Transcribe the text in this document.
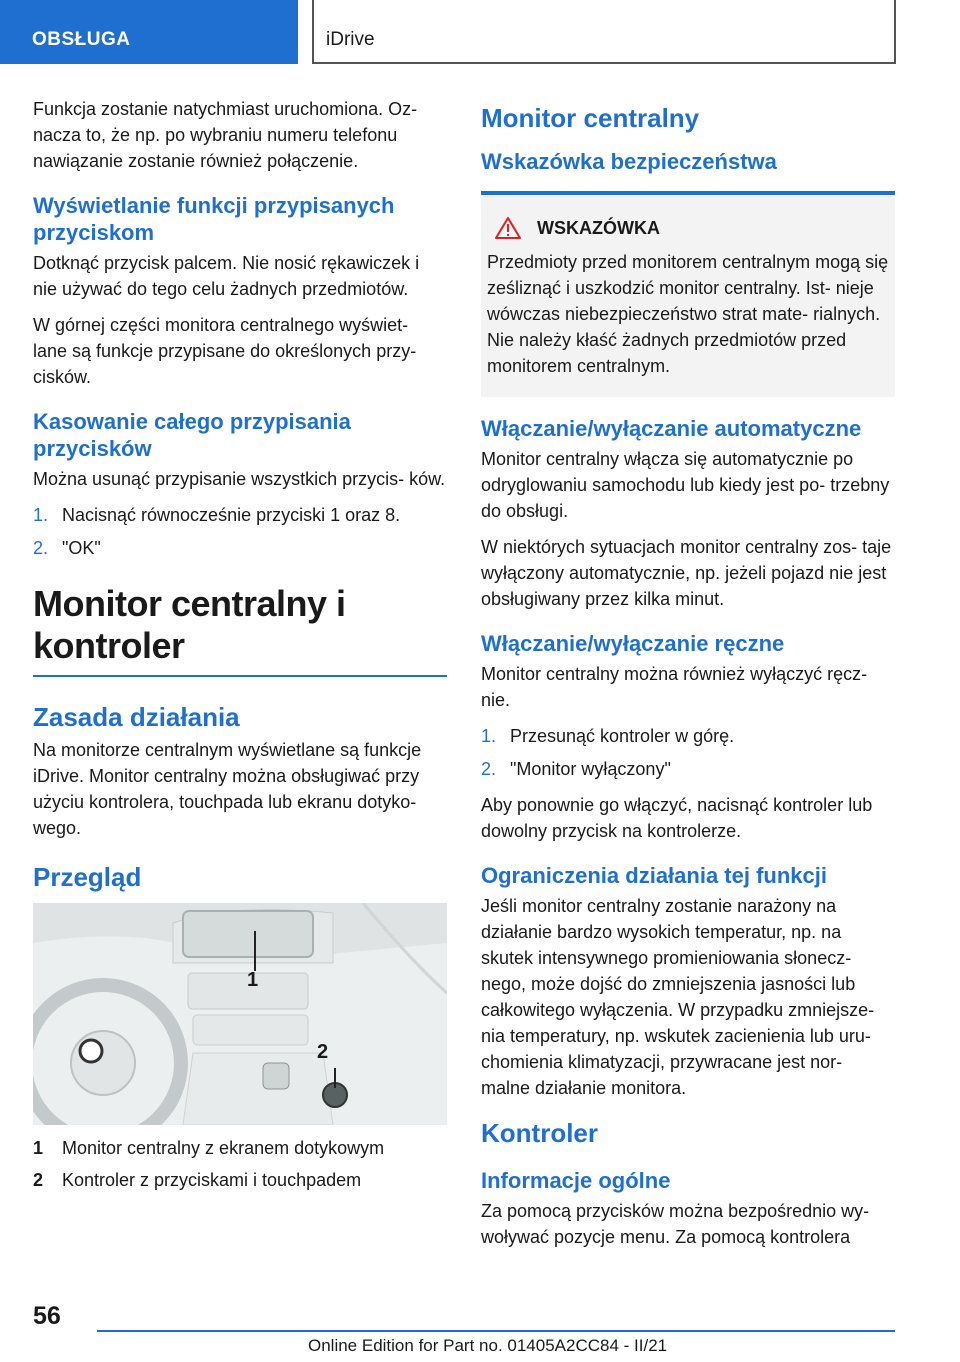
OBSŁUGA	iDrive

Funkcja zostanie natychmiast uruchomiona. Oz‐ nacza to, że np. po wybraniu numeru telefonu nawiązanie zostanie również połączenie.

Wyświetlanie funkcji przypisanych przyciskom

Dotknąć przycisk palcem. Nie nosić rękawiczek i nie używać do tego celu żadnych przedmiotów.

W górnej części monitora centralnego wyświet‐ lane są funkcje przypisane do określonych przy‐ cisków.

Kasowanie całego przypisania przycisków

Można usunąć przypisanie wszystkich przycis‐ ków.

1. Nacisnąć równocześnie przyciski 1 oraz 8.
2. "OK"
Monitor centralny i kontroler
Zasada działania

Na monitorze centralnym wyświetlane są funkcje iDrive. Monitor centralny można obsługiwać przy użyciu kontrolera, touchpada lub ekranu dotyko‐ wego.

Przegląd
1
2
1	Monitor centralny z ekranem dotykowym
2	Kontroler z przyciskami i touchpadem
Monitor centralny
Wskazówka bezpieczeństwa
WSKAZÓWKA

Przedmioty przed monitorem centralnym mogą się ześliznąć i uszkodzić monitor centralny. Ist‐ nieje wówczas niebezpieczeństwo strat mate‐ rialnych. Nie należy kłaść żadnych przedmiotów przed monitorem centralnym.

Włączanie/wyłączanie automatyczne

Monitor centralny włącza się automatycznie po odryglowaniu samochodu lub kiedy jest po‐ trzebny do obsługi.

W niektórych sytuacjach monitor centralny zos‐ taje wyłączony automatycznie, np. jeżeli pojazd nie jest obsługiwany przez kilka minut.

Włączanie/wyłączanie ręczne

Monitor centralny można również wyłączyć ręcz‐ nie.

1. Przesunąć kontroler w górę.
2. "Monitor wyłączony"

Aby ponownie go włączyć, nacisnąć kontroler lub dowolny przycisk na kontrolerze.

Ograniczenia działania tej funkcji

Jeśli monitor centralny zostanie narażony na działanie bardzo wysokich temperatur, np. na skutek intensywnego promieniowania słonecz‐ nego, może dojść do zmniejszenia jasności lub całkowitego wyłączenia. W przypadku zmniejsze‐ nia temperatury, np. wskutek zacienienia lub uru‐ chomienia klimatyzacji, przywracane jest nor‐ malne działanie monitora.

Kontroler
Informacje ogólne

Za pomocą przycisków można bezpośrednio wy‐ woływać pozycje menu. Za pomocą kontrolera

56
Online Edition for Part no. 01405A2CC84 - II/21
